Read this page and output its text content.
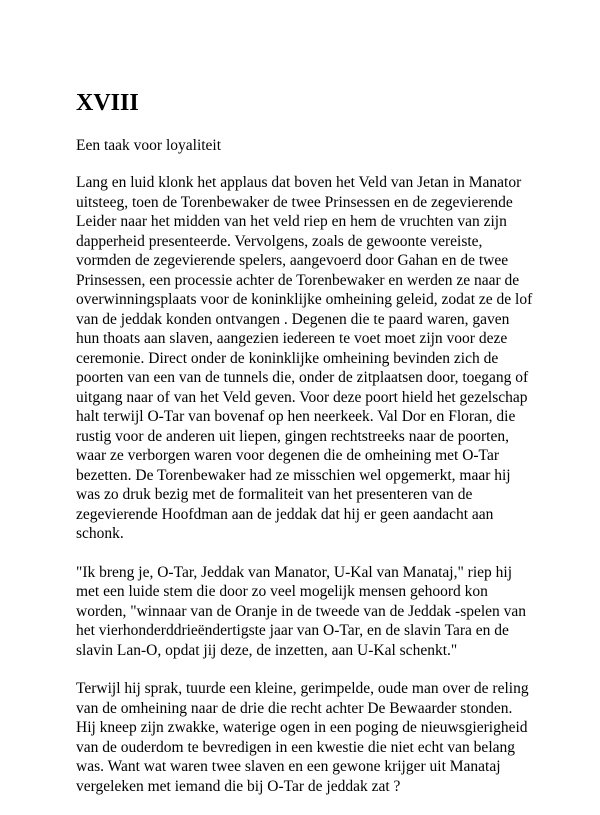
XVIII

Een taak voor loyaliteit

Lang en luid klonk het applaus dat boven het Veld van Jetan in Manator uitsteeg, toen de Torenbewaker de twee Prinsessen en de zegevierende Leider naar het midden van het veld riep en hem de vruchten van zijn dapperheid presenteerde. Vervolgens, zoals de gewoonte vereiste, vormden de zegevierende spelers, aangevoerd door Gahan en de twee Prinsessen, een processie achter de Torenbewaker en werden ze naar de overwinningsplaats voor de koninklijke omheining geleid, zodat ze de lof van de jeddak konden ontvangen . Degenen die te paard waren, gaven hun thoats aan slaven, aangezien iedereen te voet moet zijn voor deze ceremonie. Direct onder de koninklijke omheining bevinden zich de poorten van een van de tunnels die, onder de zitplaatsen door, toegang of uitgang naar of van het Veld geven. Voor deze poort hield het gezelschap halt terwijl O-Tar van bovenaf op hen neerkeek. Val Dor en Floran, die rustig voor de anderen uit liepen, gingen rechtstreeks naar de poorten, waar ze verborgen waren voor degenen die de omheining met O-Tar bezetten. De Torenbewaker had ze misschien wel opgemerkt, maar hij was zo druk bezig met de formaliteit van het presenteren van de zegevierende Hoofdman aan de jeddak dat hij er geen aandacht aan schonk.

"Ik breng je, O-Tar, Jeddak van Manator, U-Kal van Manataj," riep hij met een luide stem die door zo veel mogelijk mensen gehoord kon worden, "winnaar van de Oranje in de tweede van de Jeddak -spelen van het vierhonderddrieëndertigste jaar van O-Tar, en de slavin Tara en de slavin Lan-O, opdat jij deze, de inzetten, aan U-Kal schenkt."

Terwijl hij sprak, tuurde een kleine, gerimpelde, oude man over de reling van de omheining naar de drie die recht achter De Bewaarder stonden. Hij kneep zijn zwakke, waterige ogen in een poging de nieuwsgierigheid van de ouderdom te bevredigen in een kwestie die niet echt van belang was. Want wat waren twee slaven en een gewone krijger uit Manataj vergeleken met iemand die bij O-Tar de jeddak zat ?
